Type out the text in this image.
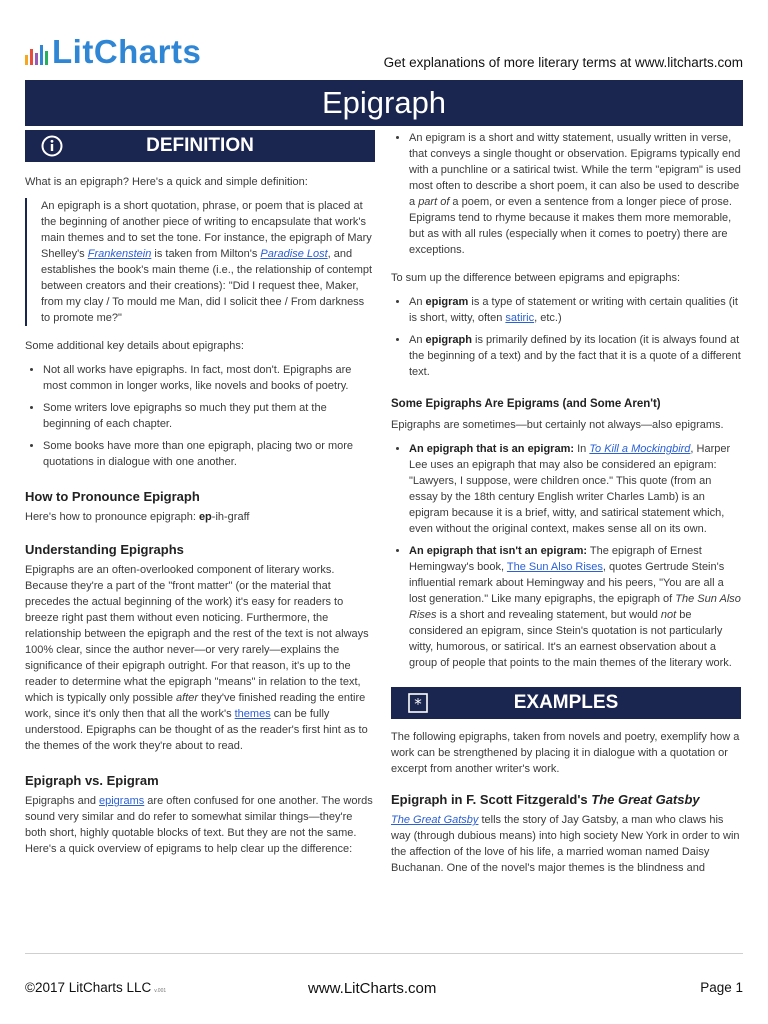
LitCharts	Get explanations of more literary terms at www.litcharts.com
Epigraph
DEFINITION

What is an epigraph? Here's a quick and simple definition:

An epigraph is a short quotation, phrase, or poem that is placed at the beginning of another piece of writing to encapsulate that work's main themes and to set the tone. For instance, the epigraph of Mary Shelley's Frankenstein is taken from Milton's Paradise Lost, and establishes the book's main theme (i.e., the relationship of contempt between creators and their creations): "Did I request thee, Maker, from my clay / To mould me Man, did I solicit thee / From darkness to promote me?"

Some additional key details about epigraphs:

• Not all works have epigraphs. In fact, most don't. Epigraphs are most common in longer works, like novels and books of poetry.
• Some writers love epigraphs so much they put them at the beginning of each chapter.
• Some books have more than one epigraph, placing two or more quotations in dialogue with one another.
How to Pronounce Epigraph

Here's how to pronounce epigraph: ep-ih-graff

Understanding Epigraphs

Epigraphs are an often-overlooked component of literary works. Because they're a part of the "front matter" (or the material that precedes the actual beginning of the work) it's easy for readers to breeze right past them without even noticing. Furthermore, the relationship between the epigraph and the rest of the text is not always 100% clear, since the author never—or very rarely—explains the significance of their epigraph outright. For that reason, it's up to the reader to determine what the epigraph "means" in relation to the text, which is typically only possible after they've finished reading the entire work, since it's only then that all the work's themes can be fully understood. Epigraphs can be thought of as the reader's first hint as to the themes of the work they're about to read.

Epigraph vs. Epigram

Epigraphs and epigrams are often confused for one another. The words sound very similar and do refer to somewhat similar things—they're both short, highly quotable blocks of text. But they are not the same. Here's a quick overview of epigrams to help clear up the difference:

• An epigram is a short and witty statement, usually written in verse, that conveys a single thought or observation. Epigrams typically end with a punchline or a satirical twist. While the term "epigram" is used most often to describe a short poem, it can also be used to describe a part of a poem, or even a sentence from a longer piece of prose. Epigrams tend to rhyme because it makes them more memorable, but as with all rules (especially when it comes to poetry) there are exceptions.

To sum up the difference between epigrams and epigraphs:

• An epigram is a type of statement or writing with certain qualities (it is short, witty, often satiric, etc.)
• An epigraph is primarily defined by its location (it is always found at the beginning of a text) and by the fact that it is a quote of a different text.
Some Epigraphs Are Epigrams (and Some Aren't)

Epigraphs are sometimes—but certainly not always—also epigrams.

• An epigraph that is an epigram: In To Kill a Mockingbird, Harper Lee uses an epigraph that may also be considered an epigram: "Lawyers, I suppose, were children once." This quote (from an essay by the 18th century English writer Charles Lamb) is an epigram because it is a brief, witty, and satirical statement which, even without the original context, makes sense all on its own.
• An epigraph that isn't an epigram: The epigraph of Ernest Hemingway's book, The Sun Also Rises, quotes Gertrude Stein's influential remark about Hemingway and his peers, "You are all a lost generation." Like many epigraphs, the epigraph of The Sun Also Rises is a short and revealing statement, but would not be considered an epigram, since Stein's quotation is not particularly witty, humorous, or satirical. It's an earnest observation about a group of people that points to the main themes of the literary work.
*	EXAMPLES

The following epigraphs, taken from novels and poetry, exemplify how a work can be strengthened by placing it in dialogue with a quotation or excerpt from another writer's work.

Epigraph in F. Scott Fitzgerald's The Great Gatsby

The Great Gatsby tells the story of Jay Gatsby, a man who claws his way (through dubious means) into high society New York in order to win the affection of the love of his life, a married woman named Daisy Buchanan. One of the novel's major themes is the blindness and

©2017 LitCharts LLC v.001	www.LitCharts.com	Page 1
